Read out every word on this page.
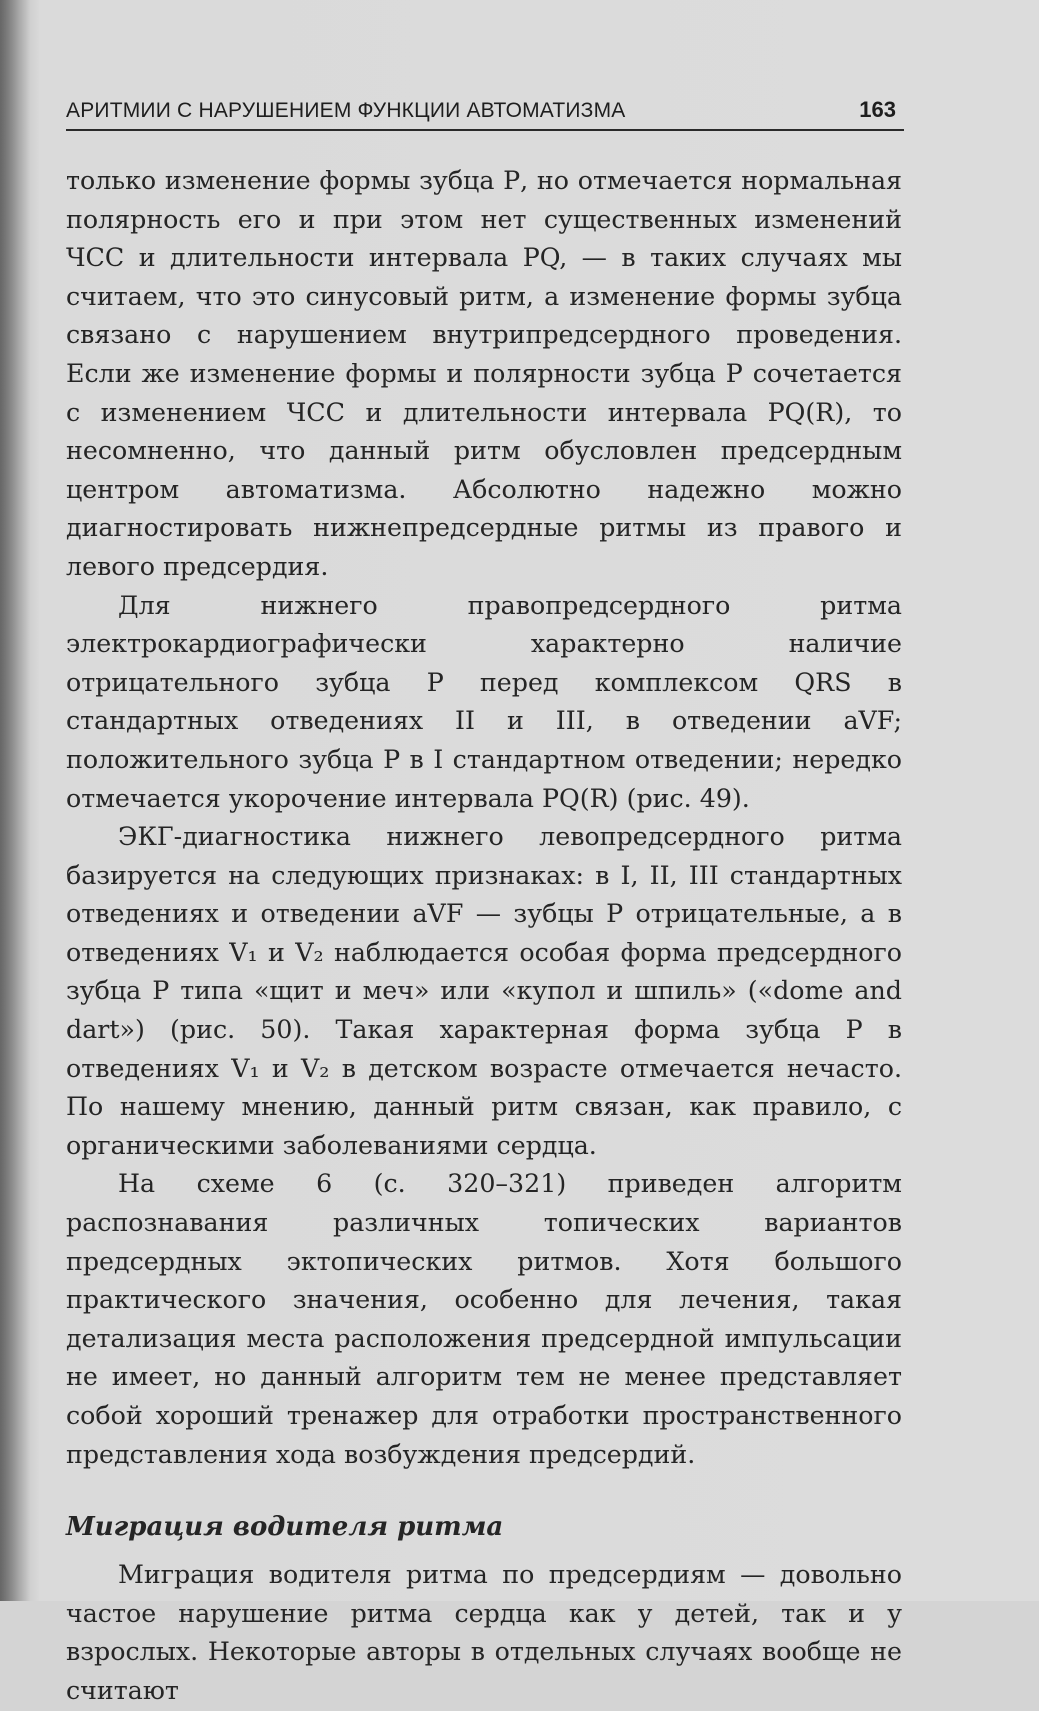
АРИТМИИ С НАРУШЕНИЕМ ФУНКЦИИ АВТОМАТИЗМА	163

только изменение формы зубца Р, но отмечается нормальная полярность его и при этом нет существенных изменений ЧСС и длительности интервала PQ, — в таких случаях мы считаем, что это синусовый ритм, а изменение формы зубца связано с нарушением внутрипредсердного проведения. Если же изменение формы и полярности зубца Р сочетается с изменением ЧСС и длительности интервала PQ(R), то несомненно, что данный ритм обусловлен предсердным центром автоматизма. Абсолютно надежно можно диагностировать нижнепредсердные ритмы из правого и левого предсердия.

Для нижнего правопредсердного ритма электрокардиографически характерно наличие отрицательного зубца Р перед комплексом QRS в стандартных отведениях II и III, в отведении aVF; положительного зубца Р в I стандартном отведении; нередко отмечается укорочение интервала PQ(R) (рис. 49).

ЭКГ-диагностика нижнего левопредсердного ритма базируется на следующих признаках: в I, II, III стандартных отведениях и отведении aVF — зубцы Р отрицательные, а в отведениях V₁ и V₂ наблюдается особая форма предсердного зубца Р типа «щит и меч» или «купол и шпиль» («dome and dart») (рис. 50). Такая характерная форма зубца Р в отведениях V₁ и V₂ в детском возрасте отмечается нечасто. По нашему мнению, данный ритм связан, как правило, с органическими заболеваниями сердца.

На схеме 6 (с. 320–321) приведен алгоритм распознавания различных топических вариантов предсердных эктопических ритмов. Хотя большого практического значения, особенно для лечения, такая детализация места расположения предсердной импульсации не имеет, но данный алгоритм тем не менее представляет собой хороший тренажер для отработки пространственного представления хода возбуждения предсердий.

Миграция водителя ритма

Миграция водителя ритма по предсердиям — довольно частое нарушение ритма сердца как у детей, так и у взрослых. Некоторые авторы в отдельных случаях вообще не считают
